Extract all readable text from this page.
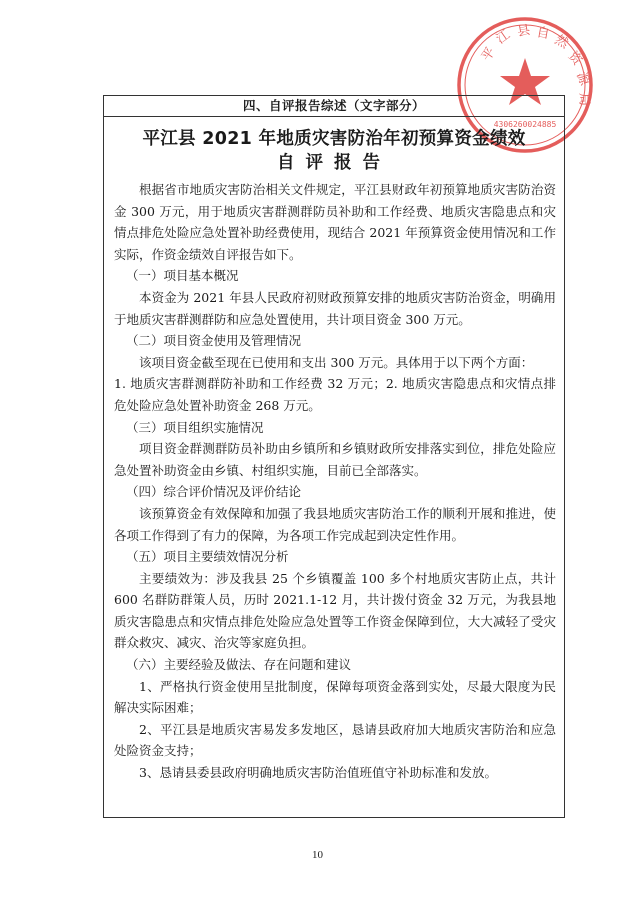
4306260024885
平
江 县 自 然
资
源
局
四、自评报告综述（文字部分）
平江县 2021 年地质灾害防治年初预算资金绩效
自评报告

根据省市地质灾害防治相关文件规定，平江县财政年初预算地质灾害防治资金 300 万元，用于地质灾害群测群防员补助和工作经费、地质灾害隐患点和灾情点排危处险应急处置补助经费使用，现结合 2021 年预算资金使用情况和工作实际，作资金绩效自评报告如下。

（一）项目基本概况

本资金为 2021 年县人民政府初财政预算安排的地质灾害防治资金，明确用于地质灾害群测群防和应急处置使用，共计项目资金 300 万元。

（二）项目资金使用及管理情况

该项目资金截至现在已使用和支出 300 万元。具体用于以下两个方面：

1. 地质灾害群测群防补助和工作经费 32 万元；2. 地质灾害隐患点和灾情点排危处险应急处置补助资金 268 万元。

（三）项目组织实施情况

项目资金群测群防员补助由乡镇所和乡镇财政所安排落实到位，排危处险应急处置补助资金由乡镇、村组织实施，目前已全部落实。

（四）综合评价情况及评价结论

该预算资金有效保障和加强了我县地质灾害防治工作的顺利开展和推进，使各项工作得到了有力的保障，为各项工作完成起到决定性作用。

（五）项目主要绩效情况分析

主要绩效为：涉及我县 25 个乡镇覆盖 100 多个村地质灾害防止点，共计 600 名群防群策人员，历时 2021.1-12 月，共计拨付资金 32 万元，为我县地质灾害隐患点和灾情点排危处险应急处置等工作资金保障到位，大大减轻了受灾群众救灾、减灾、治灾等家庭负担。

（六）主要经验及做法、存在问题和建议

1、严格执行资金使用呈批制度，保障每项资金落到实处，尽最大限度为民解决实际困难；

2、平江县是地质灾害易发多发地区，恳请县政府加大地质灾害防治和应急处险资金支持；

3、恳请县委县政府明确地质灾害防治值班值守补助标准和发放。

10
